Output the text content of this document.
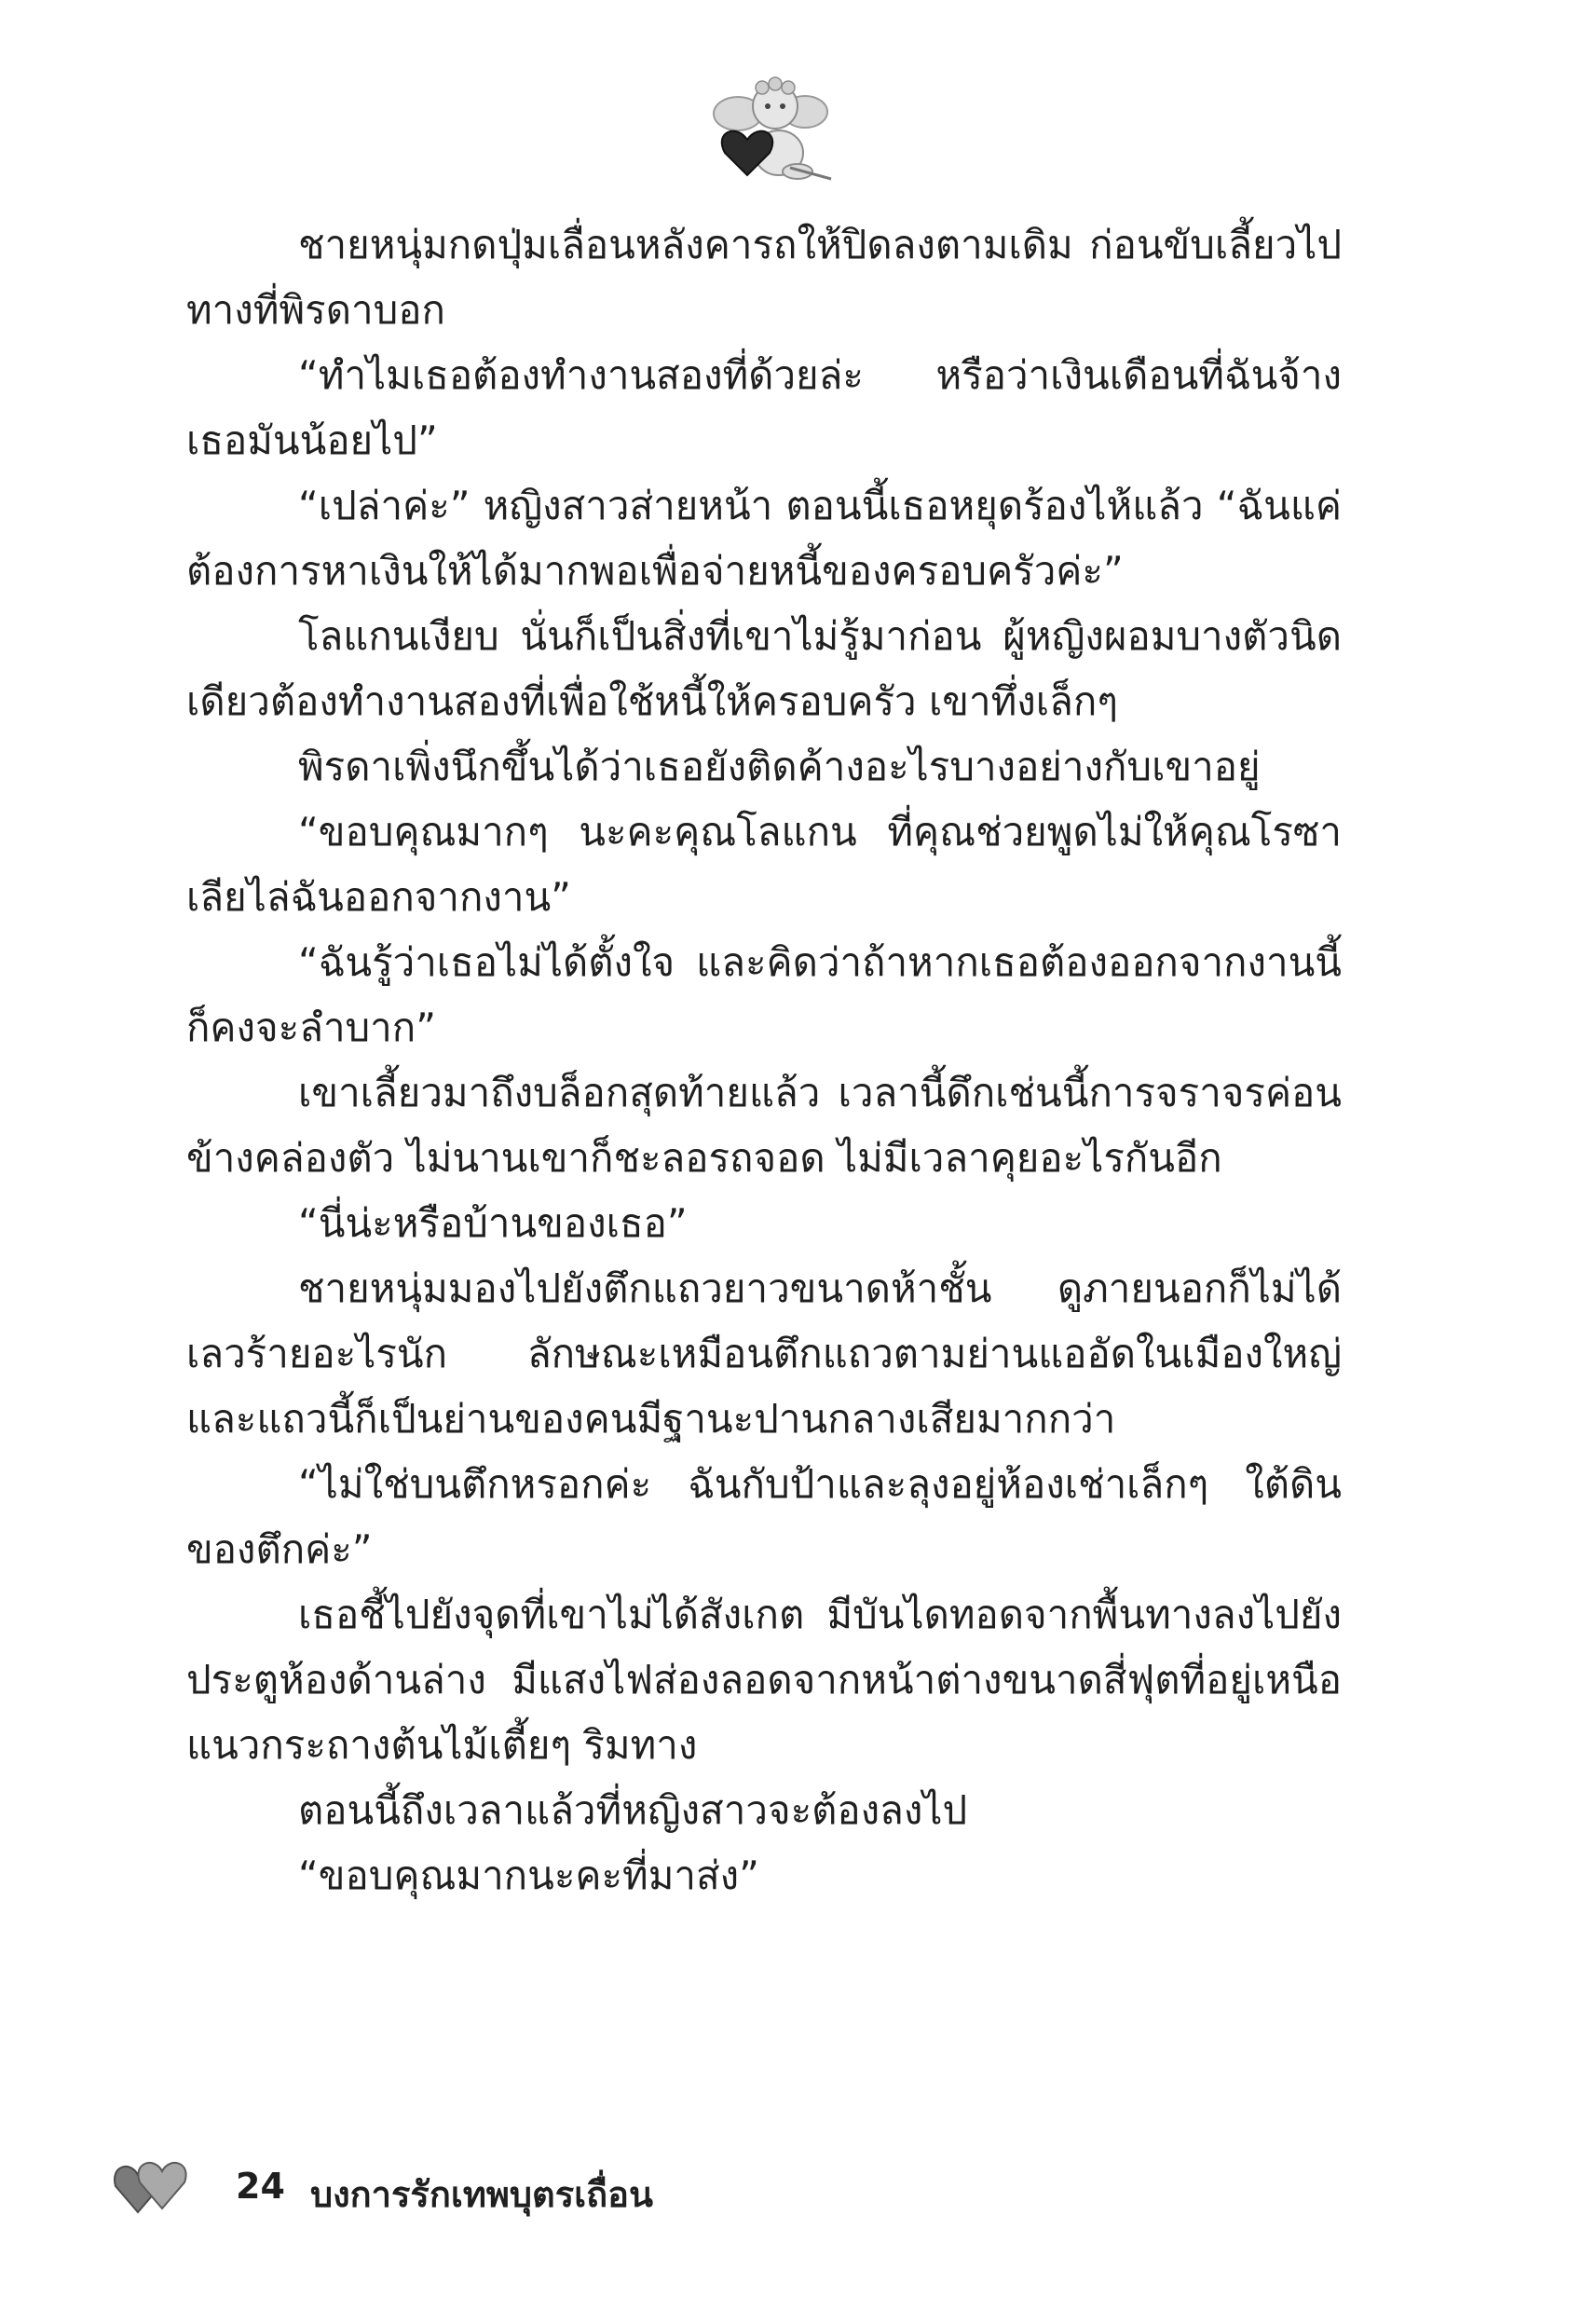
ชายหนุ่มกดปุ่มเลื่อนหลังคารถให้ปิดลงตามเดิม ก่อนขับเลี้ยวไปทางที่พิรดาบอก

“ทำไมเธอต้องทำงานสองที่ด้วยล่ะ หรือว่าเงินเดือนที่ฉันจ้างเธอมันน้อยไป”

“เปล่าค่ะ” หญิงสาวส่ายหน้า ตอนนี้เธอหยุดร้องไห้แล้ว “ฉันแค่ต้องการหาเงินให้ได้มากพอเพื่อจ่ายหนี้ของครอบครัวค่ะ”

โลแกนเงียบ นั่นก็เป็นสิ่งที่เขาไม่รู้มาก่อน ผู้หญิงผอมบางตัวนิดเดียวต้องทำงานสองที่เพื่อใช้หนี้ให้ครอบครัว เขาทึ่งเล็กๆ

พิรดาเพิ่งนึกขึ้นได้ว่าเธอยังติดค้างอะไรบางอย่างกับเขาอยู่

“ขอบคุณมากๆ นะคะคุณโลแกน ที่คุณช่วยพูดไม่ให้คุณโรซาเลียไล่ฉันออกจากงาน”

“ฉันรู้ว่าเธอไม่ได้ตั้งใจ และคิดว่าถ้าหากเธอต้องออกจากงานนี้ก็คงจะลำบาก”

เขาเลี้ยวมาถึงบล็อกสุดท้ายแล้ว เวลานี้ดึกเช่นนี้การจราจรค่อนข้างคล่องตัว ไม่นานเขาก็ชะลอรถจอด ไม่มีเวลาคุยอะไรกันอีก

“นี่น่ะหรือบ้านของเธอ”

ชายหนุ่มมองไปยังตึกแถวยาวขนาดห้าชั้น ดูภายนอกก็ไม่ได้เลวร้ายอะไรนัก ลักษณะเหมือนตึกแถวตามย่านแออัดในเมืองใหญ่และแถวนี้ก็เป็นย่านของคนมีฐานะปานกลางเสียมากกว่า

“ไม่ใช่บนตึกหรอกค่ะ ฉันกับป้าและลุงอยู่ห้องเช่าเล็กๆ ใต้ดินของตึกค่ะ”

เธอชี้ไปยังจุดที่เขาไม่ได้สังเกต มีบันไดทอดจากพื้นทางลงไปยังประตูห้องด้านล่าง มีแสงไฟส่องลอดจากหน้าต่างขนาดสี่ฟุตที่อยู่เหนือแนวกระถางต้นไม้เตี้ยๆ ริมทาง

ตอนนี้ถึงเวลาแล้วที่หญิงสาวจะต้องลงไป

“ขอบคุณมากนะคะที่มาส่ง”

24 บงการรักเทพบุตรเถื่อน
